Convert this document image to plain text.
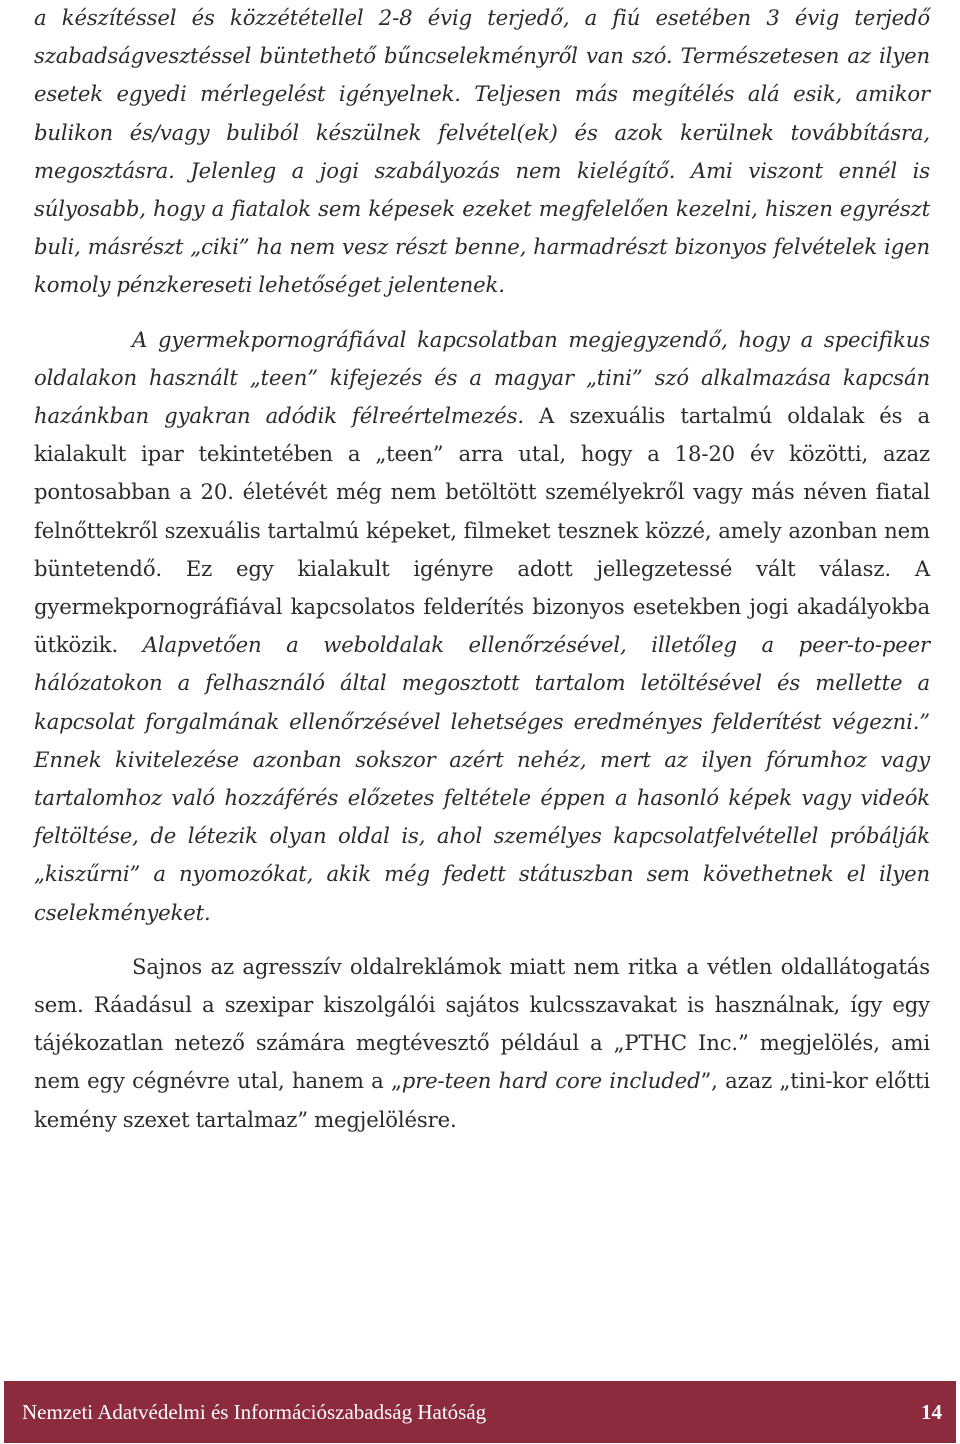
a készítéssel és közzététellel 2-8 évig terjedő, a fiú esetében 3 évig terjedő szabadságvesztéssel büntethető bűncselekményről van szó. Természetesen az ilyen esetek egyedi mérlegelést igényelnek. Teljesen más megítélés alá esik, amikor bulikon és/vagy buliból készülnek felvétel(ek) és azok kerülnek továbbításra, megosztásra. Jelenleg a jogi szabályozás nem kielégítő. Ami viszont ennél is súlyosabb, hogy a fiatalok sem képesek ezeket megfelelően kezelni, hiszen egyrészt buli, másrészt „ciki” ha nem vesz részt benne, harmadrészt bizonyos felvételek igen komoly pénzkereseti lehetőséget jelentenek.

A gyermekpornográfiával kapcsolatban megjegyzendő, hogy a specifikus oldalakon használt „teen” kifejezés és a magyar „tini” szó alkalmazása kapcsán hazánkban gyakran adódik félreértelmezés. A szexuális tartalmú oldalak és a kialakult ipar tekintetében a „teen” arra utal, hogy a 18-20 év közötti, azaz pontosabban a 20. életévét még nem betöltött személyekről vagy más néven fiatal felnőttekről szexuális tartalmú képeket, filmeket tesznek közzé, amely azonban nem büntetendő. Ez egy kialakult igényre adott jellegzetessé vált válasz. A gyermekpornográfiával kapcsolatos felderítés bizonyos esetekben jogi akadályokba ütközik. Alapvetően a weboldalak ellenőrzésével, illetőleg a peer-to-peer hálózatokon a felhasználó által megosztott tartalom letöltésével és mellette a kapcsolat forgalmának ellenőrzésével lehetséges eredményes felderítést végezni.” Ennek kivitelezése azonban sokszor azért nehéz, mert az ilyen fórumhoz vagy tartalomhoz való hozzáférés előzetes feltétele éppen a hasonló képek vagy videók feltöltése, de létezik olyan oldal is, ahol személyes kapcsolatfelvétellel próbálják „kiszűrni” a nyomozókat, akik még fedett státuszban sem követhetnek el ilyen cselekményeket.

Sajnos az agresszív oldalreklámok miatt nem ritka a vétlen oldallátogatás sem. Ráadásul a szexipar kiszolgálói sajátos kulcsszavakat is használnak, így egy tájékozatlan netező számára megtévesztő például a „PTHC Inc.” megjelölés, ami nem egy cégnévre utal, hanem a „pre-teen hard core included”, azaz „tini-kor előtti kemény szexet tartalmaz” megjelölésre.

Nemzeti Adatvédelmi és Információszabadság Hatóság	14
